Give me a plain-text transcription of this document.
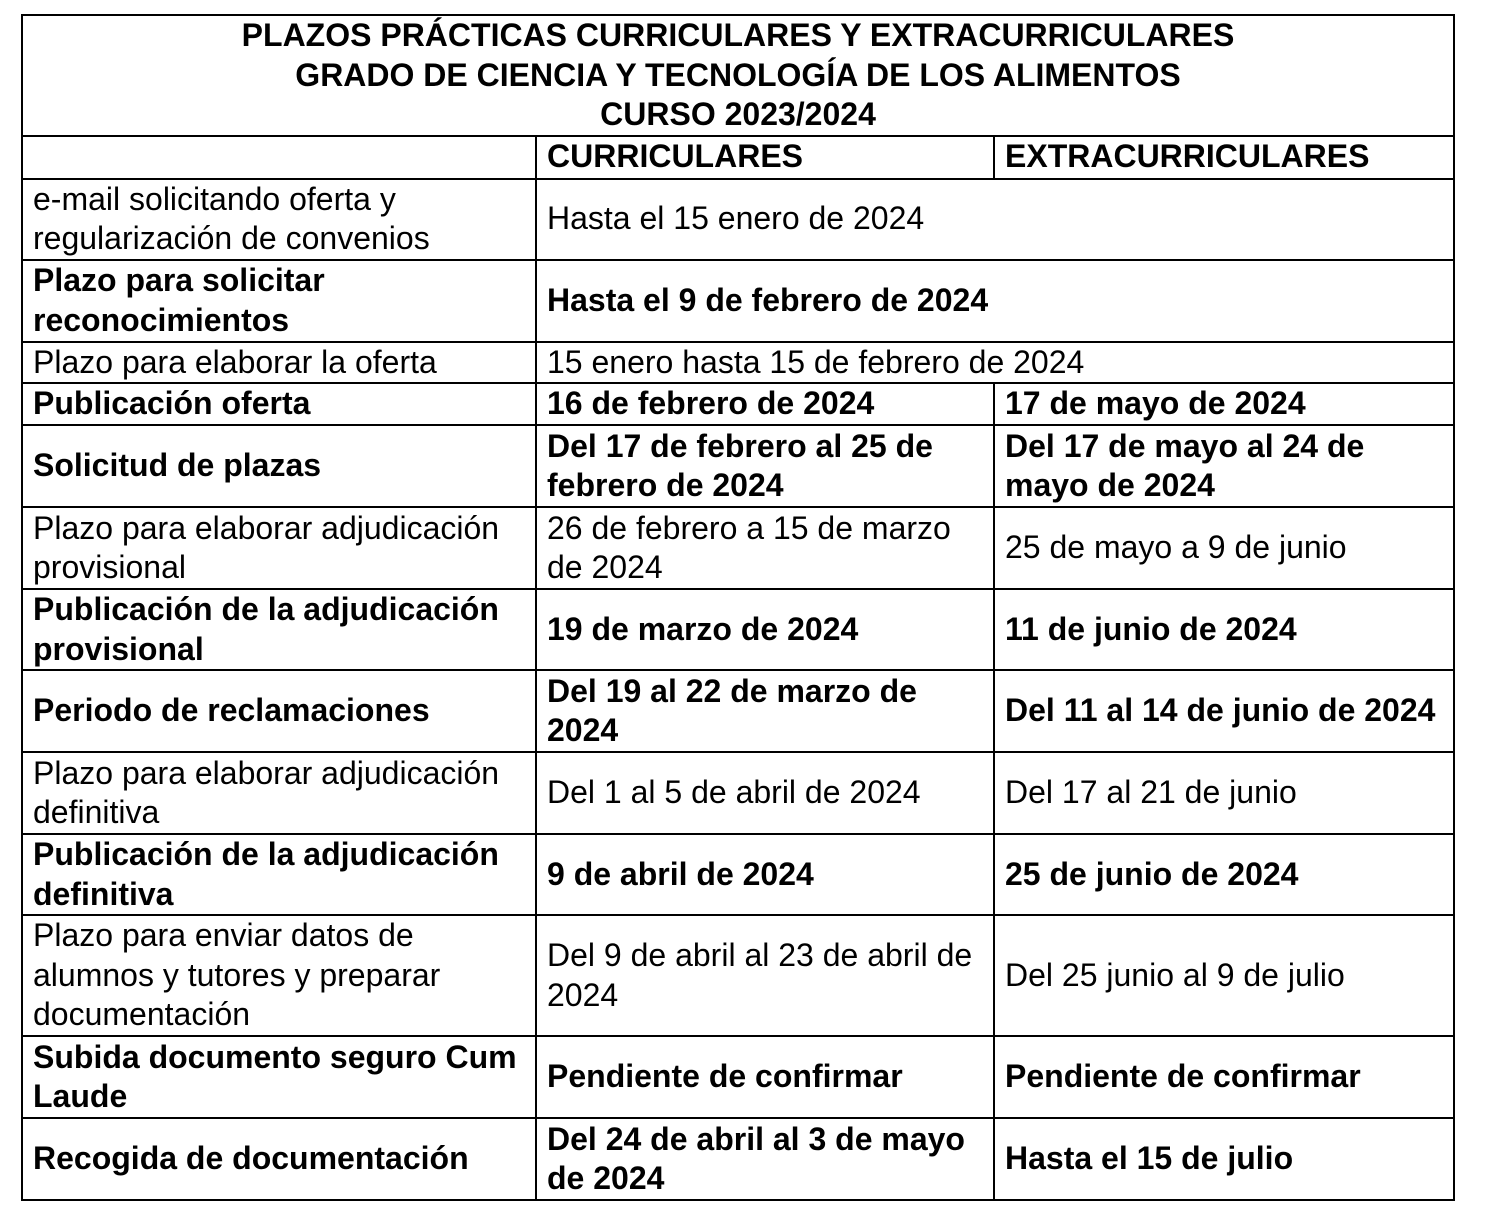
PLAZOS PRÁCTICAS CURRICULARES Y EXTRACURRICULARES
GRADO DE CIENCIA Y TECNOLOGÍA DE LOS ALIMENTOS
CURSO 2023/2024		

	CURRICULARES	EXTRACURRICULARES
e-mail solicitando oferta y regularización de convenios	Hasta el 15 enero de 2024	
Plazo para solicitar reconocimientos	Hasta el 9 de febrero de 2024	
Plazo para elaborar la oferta	15 enero hasta 15 de febrero de 2024	
Publicación oferta	16 de febrero de 2024	17 de mayo de 2024
Solicitud de plazas	Del 17 de febrero al 25 de febrero de 2024	Del 17 de mayo al 24 de mayo de 2024
Plazo para elaborar adjudicación provisional	26 de febrero a 15 de marzo de 2024	25 de mayo a 9 de junio
Publicación de la adjudicación provisional	19 de marzo de 2024	11 de junio de 2024
Periodo de reclamaciones	Del 19 al 22 de marzo de 2024	Del 11 al 14 de junio de 2024
Plazo para elaborar adjudicación definitiva	Del 1 al 5 de abril de 2024	Del 17 al 21 de junio
Publicación de la adjudicación definitiva	9 de abril de 2024	25 de junio de 2024
Plazo para enviar datos de alumnos y tutores y preparar documentación	Del 9 de abril al 23 de abril de 2024	Del 25 junio al 9 de julio
Subida documento seguro Cum Laude	Pendiente de confirmar	Pendiente de confirmar
Recogida de documentación	Del 24 de abril al 3 de mayo de 2024	Hasta el 15 de julio
